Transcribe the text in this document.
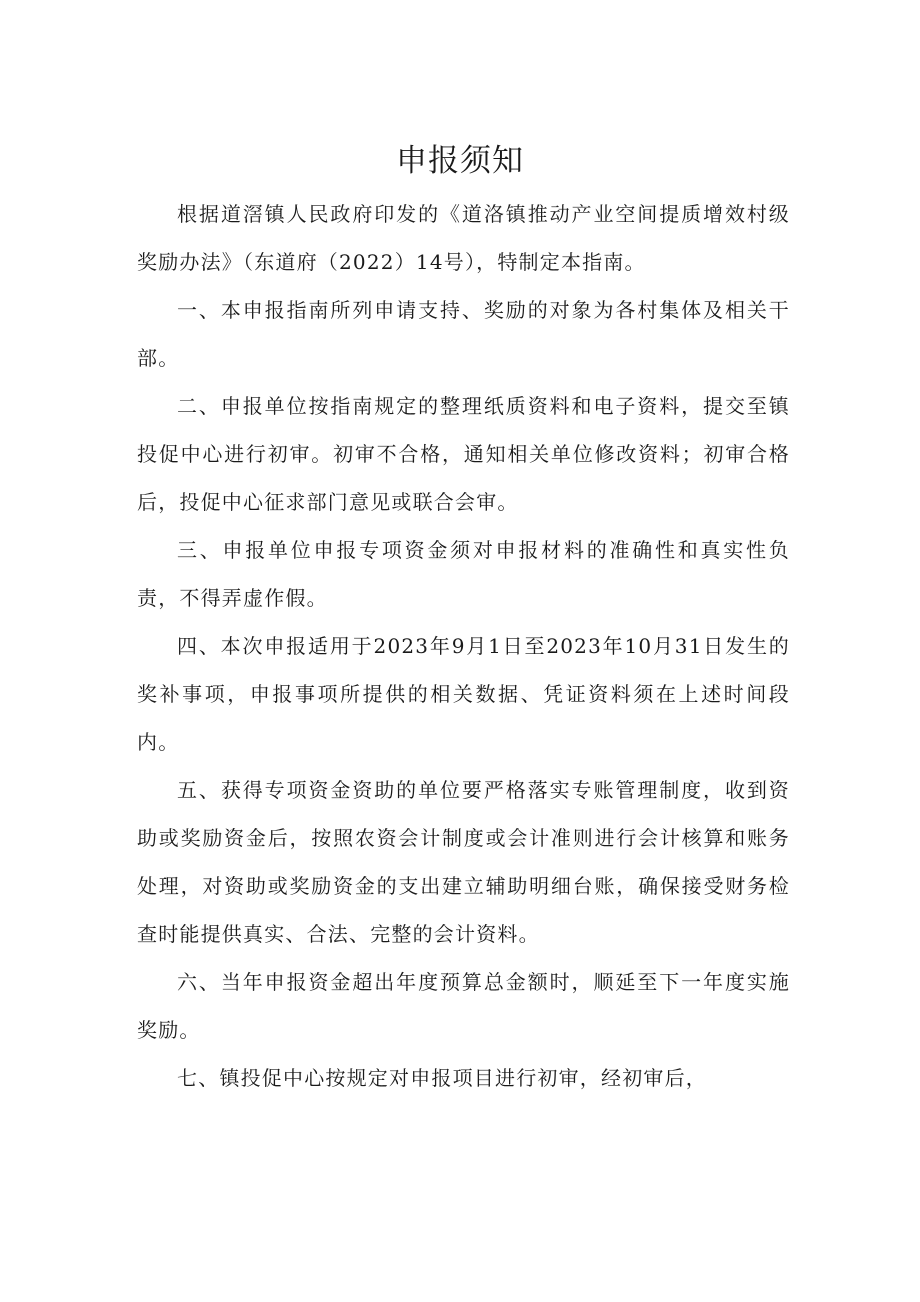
申报须知

根据道滘镇人民政府印发的《道洛镇推动产业空间提质增效村级奖励办法》（东道府（2022）14号），特制定本指南。

一、本申报指南所列申请支持、奖励的对象为各村集体及相关干部。

二、申报单位按指南规定的整理纸质资料和电子资料，提交至镇投促中心进行初审。初审不合格，通知相关单位修改资料；初审合格后，投促中心征求部门意见或联合会审。

三、申报单位申报专项资金须对申报材料的准确性和真实性负责，不得弄虚作假。

四、本次申报适用于2023年9月1日至2023年10月31日发生的奖补事项，申报事项所提供的相关数据、凭证资料须在上述时间段内。

五、获得专项资金资助的单位要严格落实专账管理制度，收到资助或奖励资金后，按照农资会计制度或会计准则进行会计核算和账务处理，对资助或奖励资金的支出建立辅助明细台账，确保接受财务检查时能提供真实、合法、完整的会计资料。

六、当年申报资金超出年度预算总金额时，顺延至下一年度实施奖励。

七、镇投促中心按规定对申报项目进行初审，经初审后，
